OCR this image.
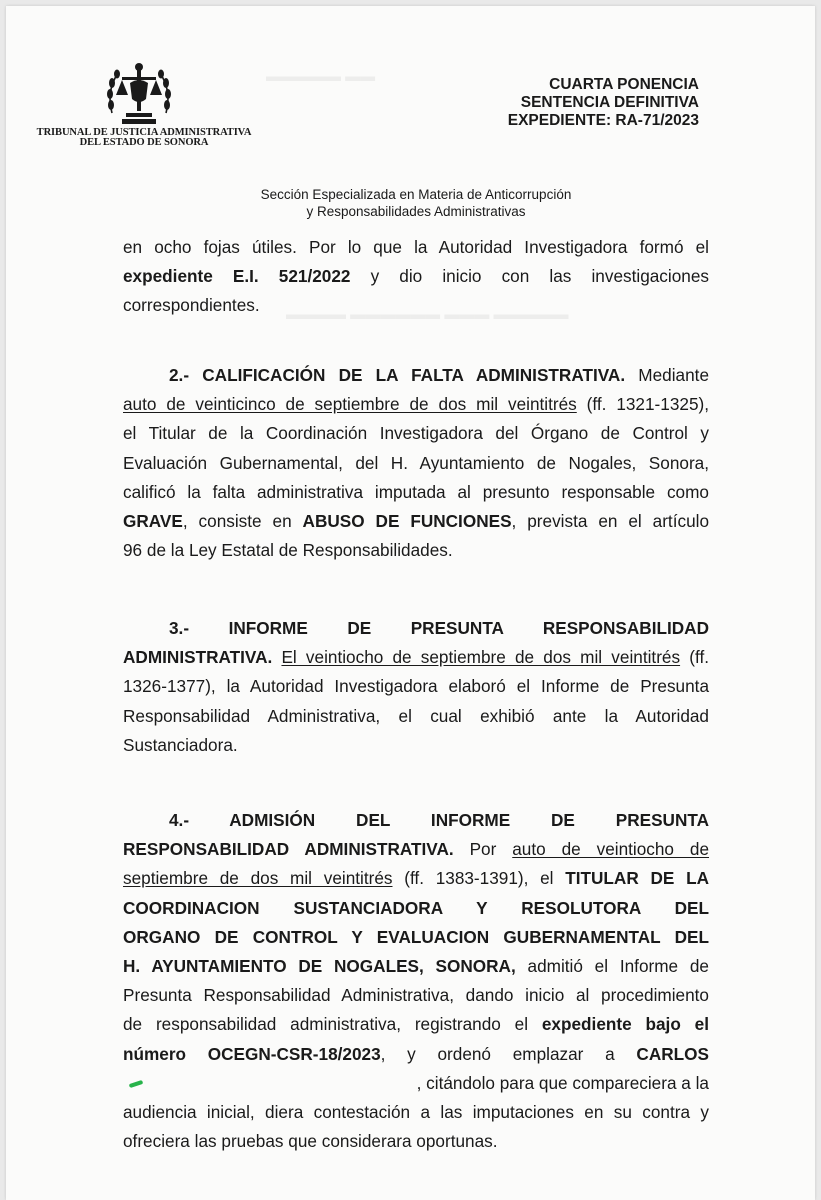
▬▬▬▬▬ ▬▬
▬▬▬▬ ▬▬▬▬▬▬ ▬▬▬ ▬▬▬▬▬
TRIBUNAL DE JUSTICIA ADMINISTRATIVA
DEL ESTADO DE SONORA
CUARTA PONENCIA
SENTENCIA DEFINITIVA
EXPEDIENTE: RA-71/2023
Sección Especializada en Materia de Anticorrupción
y Responsabilidades Administrativas
en ocho fojas útiles. Por lo que la Autoridad Investigadora formó el
expediente E.I. 521/2022 y dio inicio con las investigaciones
correspondientes.
2.- CALIFICACIÓN DE LA FALTA ADMINISTRATIVA. Mediante
auto de veinticinco de septiembre de dos mil veintitrés (ff. 1321-1325),
el Titular de la Coordinación Investigadora del Órgano de Control y
Evaluación Gubernamental, del H. Ayuntamiento de Nogales, Sonora,
calificó la falta administrativa imputada al presunto responsable como
GRAVE, consiste en ABUSO DE FUNCIONES, prevista en el artículo
96 de la Ley Estatal de Responsabilidades.
3.- INFORME DE PRESUNTA RESPONSABILIDAD
ADMINISTRATIVA. El veintiocho de septiembre de dos mil veintitrés (ff.
1326-1377), la Autoridad Investigadora elaboró el Informe de Presunta
Responsabilidad Administrativa, el cual exhibió ante la Autoridad
Sustanciadora.
4.- ADMISIÓN DEL INFORME DE PRESUNTA
RESPONSABILIDAD ADMINISTRATIVA. Por auto de veintiocho de
septiembre de dos mil veintitrés (ff. 1383-1391), el TITULAR DE LA
COORDINACION SUSTANCIADORA Y RESOLUTORA DEL
ORGANO DE CONTROL Y EVALUACION GUBERNAMENTAL DEL
H. AYUNTAMIENTO DE NOGALES, SONORA, admitió el Informe de
Presunta Responsabilidad Administrativa, dando inicio al procedimiento
de responsabilidad administrativa, registrando el expediente bajo el
número OCEGN-CSR-18/2023, y ordenó emplazar a CARLOS
, citándolo para que compareciera a la
audiencia inicial, diera contestación a las imputaciones en su contra y
ofreciera las pruebas que considerara oportunas.
